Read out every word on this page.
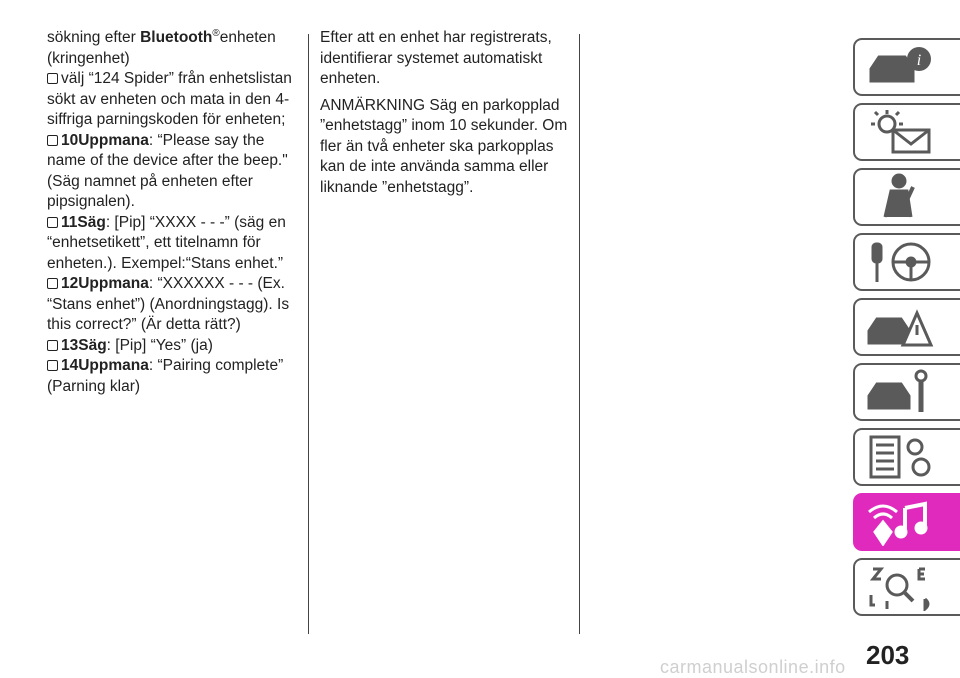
sökning efter Bluetooth®enheten

(kringenhet)

välj “124 Spider” från enhetslistan sökt av enheten och mata in den 4-siffriga parningskoden för enheten;

10Uppmana: “Please say the name of the device after the beep." (Säg namnet på enheten efter pipsignalen).

11Säg: [Pip] “XXXX - - -” (säg en “enhetsetikett”, ett titelnamn för enheten.). Exempel:“Stans enhet.”

12Uppmana: “XXXXXX - - - (Ex. “Stans enhet”) (Anordningstagg). Is this correct?” (Är detta rätt?)

13Säg: [Pip] “Yes” (ja)

14Uppmana: “Pairing complete” (Parning klar)

Efter att en enhet har registrerats, identifierar systemet automatiskt enheten.

ANMÄRKNING Säg en parkopplad ”enhetstagg” inom 10 sekunder. Om fler än två enheter ska parkopplas kan de inte använda samma eller liknande ”enhetstagg”.

i
203
carmanualsonline.info
